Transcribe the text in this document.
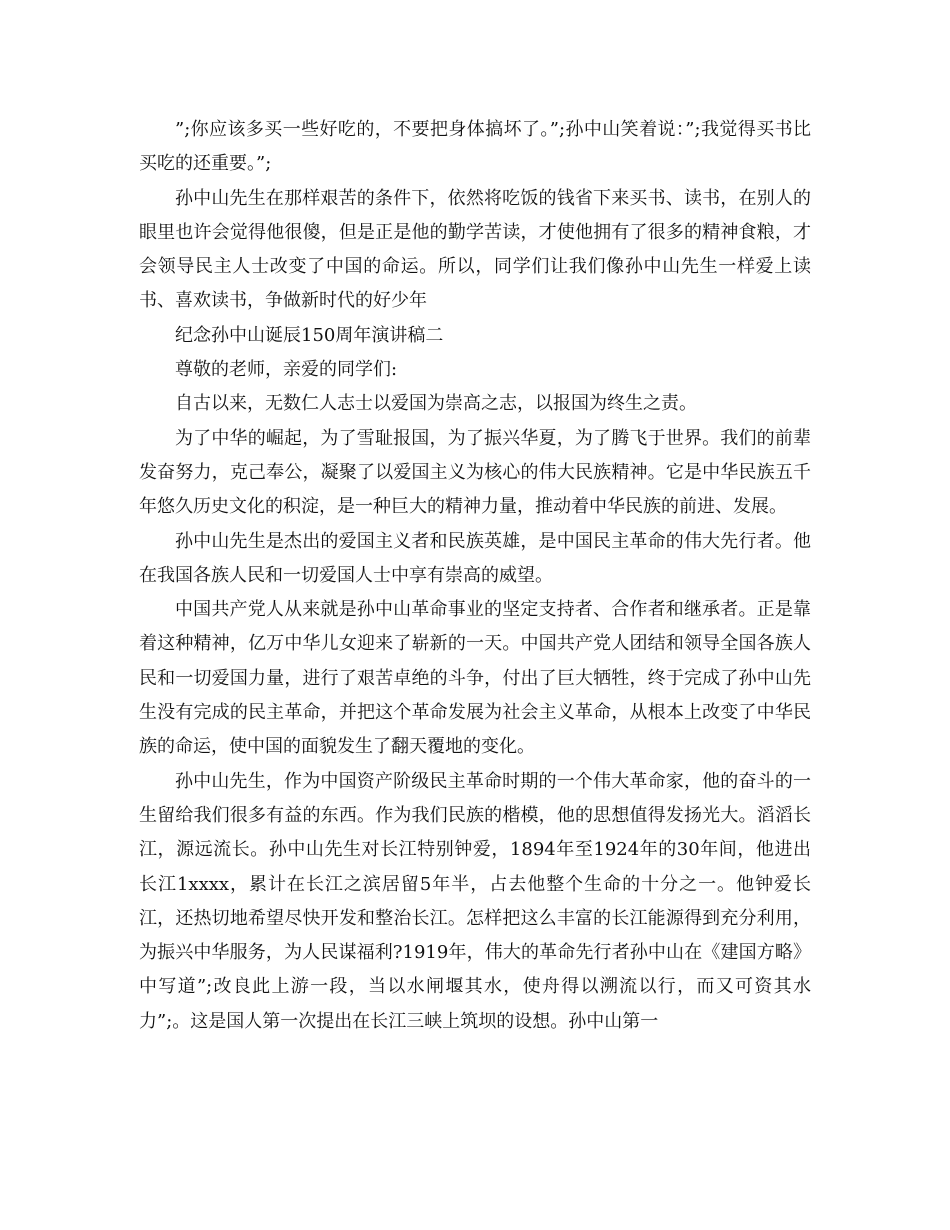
”;你应该多买一些好吃的，不要把身体搞坏了。”;孙中山笑着说：”;我觉得买书比买吃的还重要。”;

孙中山先生在那样艰苦的条件下，依然将吃饭的钱省下来买书、读书，在别人的眼里也许会觉得他很傻，但是正是他的勤学苦读，才使他拥有了很多的精神食粮，才会领导民主人士改变了中国的命运。所以，同学们让我们像孙中山先生一样爱上读书、喜欢读书，争做新时代的好少年

纪念孙中山诞辰150周年演讲稿二

尊敬的老师，亲爱的同学们:

自古以来，无数仁人志士以爱国为崇高之志，以报国为终生之责。

为了中华的崛起，为了雪耻报国，为了振兴华夏，为了腾飞于世界。我们的前辈发奋努力，克己奉公，凝聚了以爱国主义为核心的伟大民族精神。它是中华民族五千年悠久历史文化的积淀，是一种巨大的精神力量，推动着中华民族的前进、发展。

孙中山先生是杰出的爱国主义者和民族英雄，是中国民主革命的伟大先行者。他在我国各族人民和一切爱国人士中享有崇高的威望。

中国共产党人从来就是孙中山革命事业的坚定支持者、合作者和继承者。正是靠着这种精神，亿万中华儿女迎来了崭新的一天。中国共产党人团结和领导全国各族人民和一切爱国力量，进行了艰苦卓绝的斗争，付出了巨大牺牲，终于完成了孙中山先生没有完成的民主革命，并把这个革命发展为社会主义革命，从根本上改变了中华民族的命运，使中国的面貌发生了翻天覆地的变化。

孙中山先生，作为中国资产阶级民主革命时期的一个伟大革命家，他的奋斗的一生留给我们很多有益的东西。作为我们民族的楷模，他的思想值得发扬光大。滔滔长江，源远流长。孙中山先生对长江特别钟爱，1894年至1924年的30年间，他进出长江1xxxx，累计在长江之滨居留5年半，占去他整个生命的十分之一。他钟爱长江，还热切地希望尽快开发和整治长江。怎样把这么丰富的长江能源得到充分利用，为振兴中华服务，为人民谋福利?1919年，伟大的革命先行者孙中山在《建国方略》中写道”;改良此上游一段，当以水闸堰其水，使舟得以溯流以行，而又可资其水力”;。这是国人第一次提出在长江三峡上筑坝的设想。孙中山第一
